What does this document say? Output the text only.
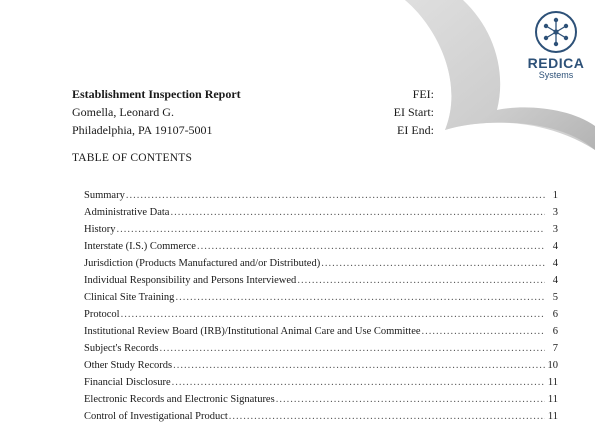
REDICA
Systems
Establishment Inspection Report
Gomella, Leonard G.
Philadelphia, PA 19107-5001
FEI:
EI Start:
EI End:
TABLE OF CONTENTS
Summary .....	1
Administrative Data .....	3
History .....	3
Interstate (I.S.) Commerce .....	4
Jurisdiction (Products Manufactured and/or Distributed) .....	4
Individual Responsibility and Persons Interviewed .....	4
Clinical Site Training .....	5
Protocol .....	6
Institutional Review Board (IRB)/Institutional Animal Care and Use Committee .....	6
Subject's Records .....	7
Other Study Records .....	10
Financial Disclosure .....	11
Electronic Records and Electronic Signatures .....	11
Control of Investigational Product .....	11
